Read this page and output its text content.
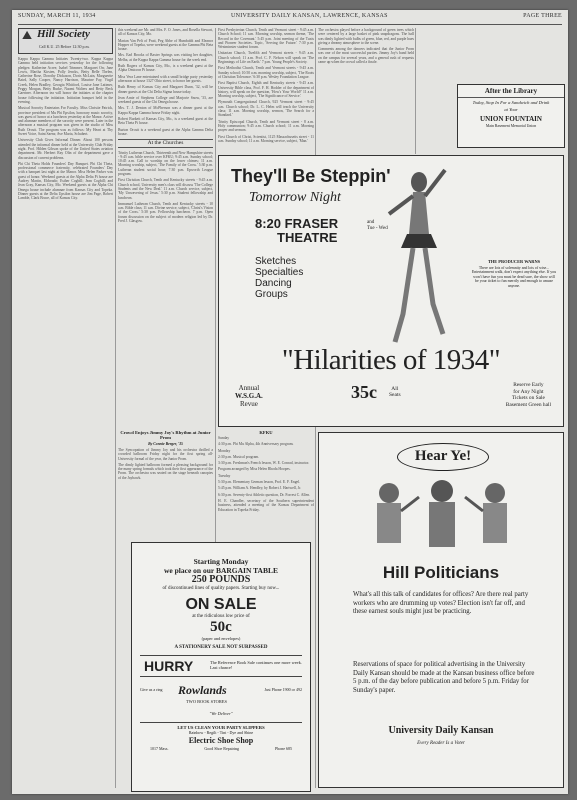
SUNDAY, MARCH 11, 1934	UNIVERSITY DAILY KANSAN, LAWRENCE, KANSAS	PAGE THREE
⛰ Hill Society
Call K.U. 25 Before 12:30 p.m.

Kappa Kappa Gamma Initiates Twenty-two. Kappa Kappa Gamma held initiation services yesterday for the following pledges: Katherine Acree, Isabel Trimmer, Margaret Orr, Jane Lewis, Martha Kirsten, Polly Jencks, Betty Belle Thelen, Catherine Rose, Dorothy Dickason, Doris McLain, Marguerite Baird, Sally Cooper, Nancy Harrison, Maurine Fay, Virgil Creek, Helen Bradley, Georgia Whitford, Louise Jane Latimer, Peggy Morgan, Betty Burke, Naomi Walters and Betty Beck Gaertner. Afternoon tea will honor the initiates at the chapter house following the initiation. Initiation banquet held in the evening.

Musical Sorority Entertains For Faculty. Miss Christie Patrick, province president of Mu Phi Epsilon, honorary music sorority, was guest of honor at a luncheon yesterday at the Manor. Active and alumnae members of the sorority were present. Later in the afternoon a musical program was given in the studio of Miss Ruth Orcutt. The program was as follows: My Heart at Thy Sweet Voice, Saint Saens; Ave Maria, Schubert.

University Club Gives Informal Dinner. About 100 persons attended the informal dinner held at the University Club Friday night. Prof. Hilden Gibson spoke of the United States aviation department. Mr. Herbert Ray Olin of the department gave a discussion of current problems.

Phi Chi Theta Holds Founders' Day Banquet. Phi Chi Theta, professional commerce fraternity, celebrated Founders' Day with a banquet last night at the Manor. Miss Helen Parker was guest of honor. Weekend guests at the Alpha Delta Pi house are Audrey Martin, Eldorado; Esther Cogbill; Jean Cogbill; and Jean Gray, Kansas City, Mo. Weekend guests at the Alpha Chi Omega house include alumnae from Kansas City and Topeka. Dinner guests at the Delta Upsilon house are Jim Page, Robert Lamble, Clark Bruce, all of Kansas City.

this weekend are Mr. and Mrs. F. O. Jones, and Rosella Stewart, all of Kansas City, Mo.

Marian Van Pelt of Pratt, Peg Abbe of Humboldt and Eleanor Hopper of Topeka, were weekend guests at the Gamma Phi Beta house.

Mrs. Earl Brooks of Baxter Springs was visiting her daughter, Melba, at the Kappa Kappa Gamma house for the week end.

Ruth Rogers of Kansas City, Mo., is a weekend guest at the Alpha Omicron Pi house.

Miss Vera Lane entertained with a small bridge party yesterday afternoon at house 1327 Ohio street, to honor her guests.

Ruth Henry of Kansas City and Margaret Dunn, '32, will be dinner guests at the Chi Delta Sigma house today.

Jean Arnie of Stephens College and Marjorie Snow, '33, are weekend guests of the Chi Omega house.

Mrs. T. J. Denton of McPherson was a dinner guest at the Kappa Kappa Gamma house Friday night.

Robert Burkett of Kansas City, Mo., is a weekend guest at the Beta Theta Pi house.

Burton Orcutt is a weekend guest at the Alpha Gamma Delta house.

At the Churches

Trinity Lutheran Church, Thirteenth and New Hampshire streets - 9:45 a.m. bible service over KFKU; 9:45 a.m. Sunday school; 10:45 a.m. Call to worship on the lower chimes; 11 a.m. Morning worship, subject, 'The Family of the Cross.' 5:30 p.m. Lutheran student social hour; 7:30 p.m. Epworth League program.

First Christian Church, Tenth and Kentucky streets - 9:45 a.m. Church school, University men's class will discuss 'The College Students and the New Deal.' 11 a.m. Church service, subject, 'My Unwavering of Jesus.' 5:30 p.m. Student fellowship and luncheon.

Immanuel Lutheran Church, Tenth and Kentucky streets - 10 a.m. Bible class; 11 a.m. Divine service, subject, 'Christ's Vision of the Cross.' 5:30 p.m. Fellowship luncheon. 7 p.m. Open forum discussion on the subject of modern religion led by Dr. Fred J. Glasgow.

First Presbyterian Church, Tenth and Vermont street - 9:45 a.m. Church School; 11 a.m. Morning worship, sermon theme, 'The Record in the Covenant.' 5:45 p.m. Joint meeting of the Tuxis and Pioneer Societies. Topic, 'Serving the Future.' 7:30 p.m. Westminster student forum.

Unitarian Church, Twelfth and Vermont streets - 9:45 a.m. Church school; 11 a.m. Prof. C. F. Nelson will speak on 'The Beginnings of Life on Earth.' 7 p.m. Young People's Society.

First Methodist Church, Tenth and Vermont streets - 9:45 a.m. Sunday school; 10:50 a.m. morning worship, subject, 'The Roots of Christian Tolerance.' 6:30 p.m. Wesley Foundation League.

First Baptist Church, Eighth and Kentucky streets - 9:45 a.m. University Bible class, Prof. F. H. Hodder of the department of history, will speak on the question, 'How's Your World?' 11 a.m. Morning worship, subject, 'The Significance of Service.'

Plymouth Congregational Church, 925 Vermont street - 9:45 a.m. Church school; Dr. L. C. Helm will teach the University class; 11 a.m. Morning worship, sermon, 'The Search for a Standard.'

Trinity Episcopal Church, Tenth and Vermont street - 8 a.m. Holy communion; 9:45 a.m. Church school; 11 a.m. Morning prayer and sermon.

First Church of Christ, Scientist, 1125 Massachusetts street - 11 a.m. Sunday school; 11 a.m. Morning service, subject, 'Man.'

KFKU

Sunday

4:30 p.m. Phi Mu Alpha, 4th Anniversary program.

Monday

2:30 p.m. Musical program.

3:30 p.m. Freshman's French lesson, W. E. Conrad, instructor.

Program arranged by Miss Helen Rhoda Hoopes.

Tuesday

5:30 p.m. Elementary German lesson, Prof. E. F. Engel.

5:45 p.m. William A. Hendley, by Robert J. Hartwell, Jr.

6:30 p.m. Seventy-first Athletic question, Dr. Forrest C. Allen.

H. E. Chandler, secretary of the Southern superintendent business, attended a meeting of the Kansas Department of Education in Topeka Friday.

Crowd Enjoys Jimmy Joy's Rhythm at Junior Prom
By Connie Berger, '35

The Syncopation of Jimmy Joy and his orchestra thrilled a crowded ballroom Friday night for the first spring all-University formal of the year, the Junior Prom.

The dimly lighted ballroom formed a pleasing background for the many spring formals which took their first appearance of the Prom. The orchestra was seated on the stage beneath canopies of the Jayhawk.

The orchestra played before a background of green trees which were centered by a large basket of pink snapdragons. The hall was dimly lighted with bulbs of green, blue, red, and purple hues giving a dreamy atmosphere to the scene.

Comments among the dancers indicated that the Junior Prom was one of the most successful parties. Jimmy Joy's band held on the campus for several years, and a general rush of requests came up when the crowd called a finale.

After the Library
Today, Stop In For a Sandwich and Drink
at Your
UNION FOUNTAIN
Main Basement Memorial Union
They'll Be Steppin'
Tomorrow Night
8:20 FRASER
THEATRE
and
Tue - Wed
Sketches
Specialties
Dancing
Groups
THE PRODUCER WARNS
There are lots of solemnity and lots of wise... Entertainment walk, don't expect anything else. If you won't have fun you must be dead sure, the show will be your ticket to fun merrily and enough to amuse anyone.
"Hilarities of 1934"
Annual
W.S.G.A.
Revue
35c	All
Seats
Reserve Early
for Any Night
Tickets on Sale
Basement Green hall
Hear Ye!
Hill Politicians
What's all this talk of candidates for offices? Are there real party workers who are drumming up votes? Election isn't far off, and these earnest souls might just be practicing.
Reservations of space for political advertising in the University Daily Kansan should be made at the Kansan business office before 5 p.m. of the day before publication and before 5 p.m. Friday for Sunday's paper.
University Daily Kansan
Every Reader Is a Voter
Starting Monday
we place on our BARGAIN TABLE
250 POUNDS
of discontinued lines of quality papers. Starting buy now...
ON SALE
at the ridiculous low price of
50c
(paper and envelopes)
A STATIONERY SALE NOT SURPASSED
HURRY	The Reference Book Sale continues one more week. Last chance!
Give us a ring Rowlands
TWO BOOK STORES
Just Phone 1900 or 492
"We Deliver"
LET US CLEAN YOUR PARTY SLIPPERS
Rainbow - Regilt - Tint - Dye and Shine
Electric Shoe Shop
1017 Mass.	Good Shoe Repairing	Phone 685
